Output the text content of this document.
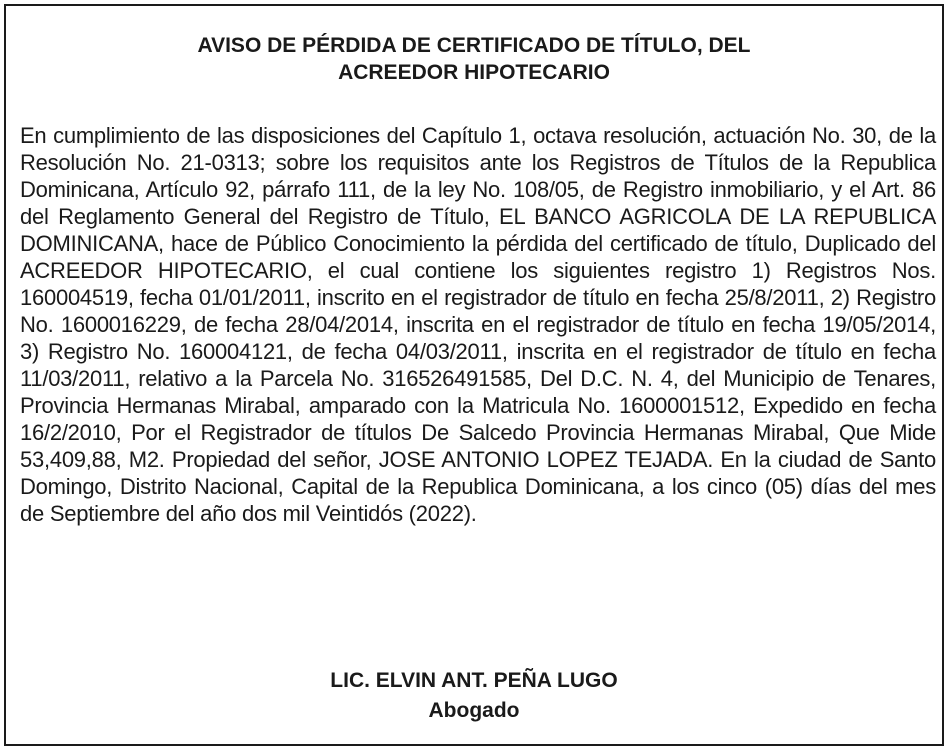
AVISO DE PÉRDIDA DE CERTIFICADO DE TÍTULO, DEL
ACREEDOR HIPOTECARIO

En cumplimiento de las disposiciones del Capítulo 1, octava resolución, actuación No. 30, de la Resolución No. 21-0313; sobre los requisitos ante los Registros de Títulos de la Republica Dominicana, Artículo 92, párrafo 111, de la ley No. 108/05, de Registro inmobiliario, y el Art. 86 del Reglamento General del Registro de Título, EL BANCO AGRICOLA DE LA REPUBLICA DOMINICANA, hace de Público Conocimiento la pérdida del certificado de título, Duplicado del ACREEDOR HIPOTECARIO, el cual contiene los siguientes registro 1) Registros Nos. 160004519, fecha 01/01/2011, inscrito en el registrador de título en fecha 25/8/2011, 2) Registro No. 1600016229, de fecha 28/04/2014, inscrita en el registrador de título en fecha 19/05/2014, 3) Registro No. 160004121, de fecha 04/03/2011, inscrita en el registrador de título en fecha 11/03/2011, relativo a la Parcela No. 316526491585, Del D.C. N. 4, del Municipio de Tenares, Provincia Hermanas Mirabal, amparado con la Matricula No. 1600001512, Expedido en fecha 16/2/2010, Por el Registrador de títulos De Salcedo Provincia Hermanas Mirabal, Que Mide 53,409,88, M2. Propiedad del señor, JOSE ANTONIO LOPEZ TEJADA. En la ciudad de Santo Domingo, Distrito Nacional, Capital de la Republica Dominicana, a los cinco (05) días del mes de Septiembre del año dos mil Veintidós (2022).

LIC. ELVIN ANT. PEÑA LUGO
Abogado
